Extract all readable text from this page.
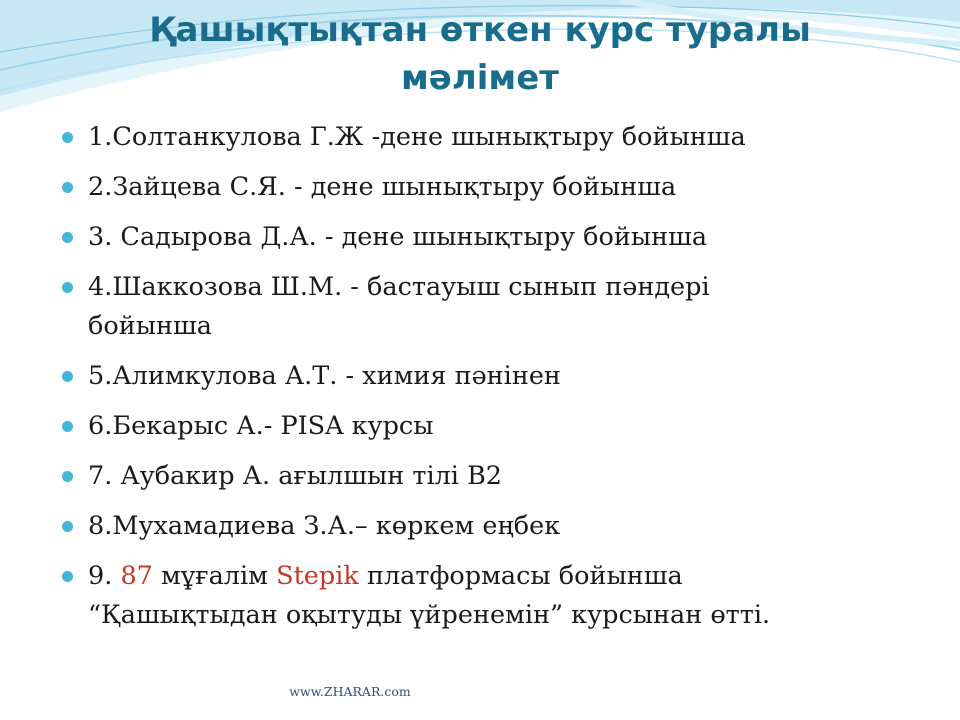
Қашықтықтан өткен курс туралы
мәлімет
1.Солтанкулова Г.Ж -дене шынықтыру бойынша
2.Зайцева С.Я. - дене шынықтыру бойынша
3. Садырова Д.А. - дене шынықтыру бойынша
4.Шаккозова Ш.М. - бастауыш сынып пәндері
бойынша
5.Алимкулова А.Т. - химия пәнінен
6.Бекарыс А.- PISA курсы
7. Аубакир А. ағылшын тілі В2
8.Мухамадиева З.А.– көркем еңбек
9. 87 мұғалім Stepik платформасы бойынша
“Қашықтыдан оқытуды үйренемін” курсынан өтті.
www.ZHARAR.com
